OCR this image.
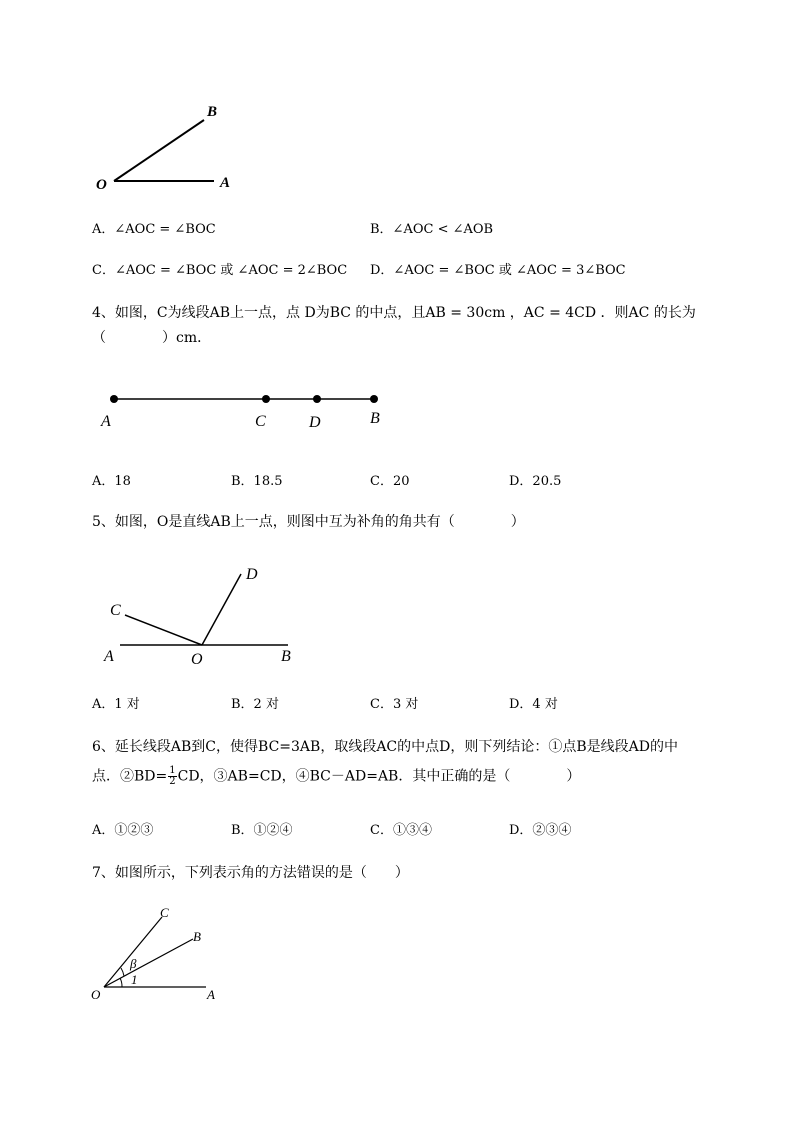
O	A
B
A．∠AOC = ∠BOC	B．∠AOC < ∠AOB
C．∠AOC = ∠BOC 或 ∠AOC = 2∠BOC D．∠AOC = ∠BOC 或 ∠AOC = 3∠BOC
4、如图，C为线段AB上一点，点 D为BC 的中点，且AB = 30cm ，AC = 4CD ．则AC 的长为
（　　　　）cm．
A	C	D	B
A．18	B．18.5	C．20	D．20.5
5、如图，O是直线AB上一点，则图中互为补角的角共有（　　　　）
A	O	B
C
D
A．1 对	B．2 对	C．3 对	D．4 对
6、延长线段AB到C，使得BC=3AB，取线段AC的中点D，则下列结论：①点B是线段AD的中
点．②BD= $\frac{1}{2}$ CD，③AB=CD，④BC－AD=AB．其中正确的是（　　　　）
A．①②③	B．①②④	C．①③④	D．②③④
7、如图所示，下列表示角的方法错误的是（　　）
C
B
β
1
O	A
